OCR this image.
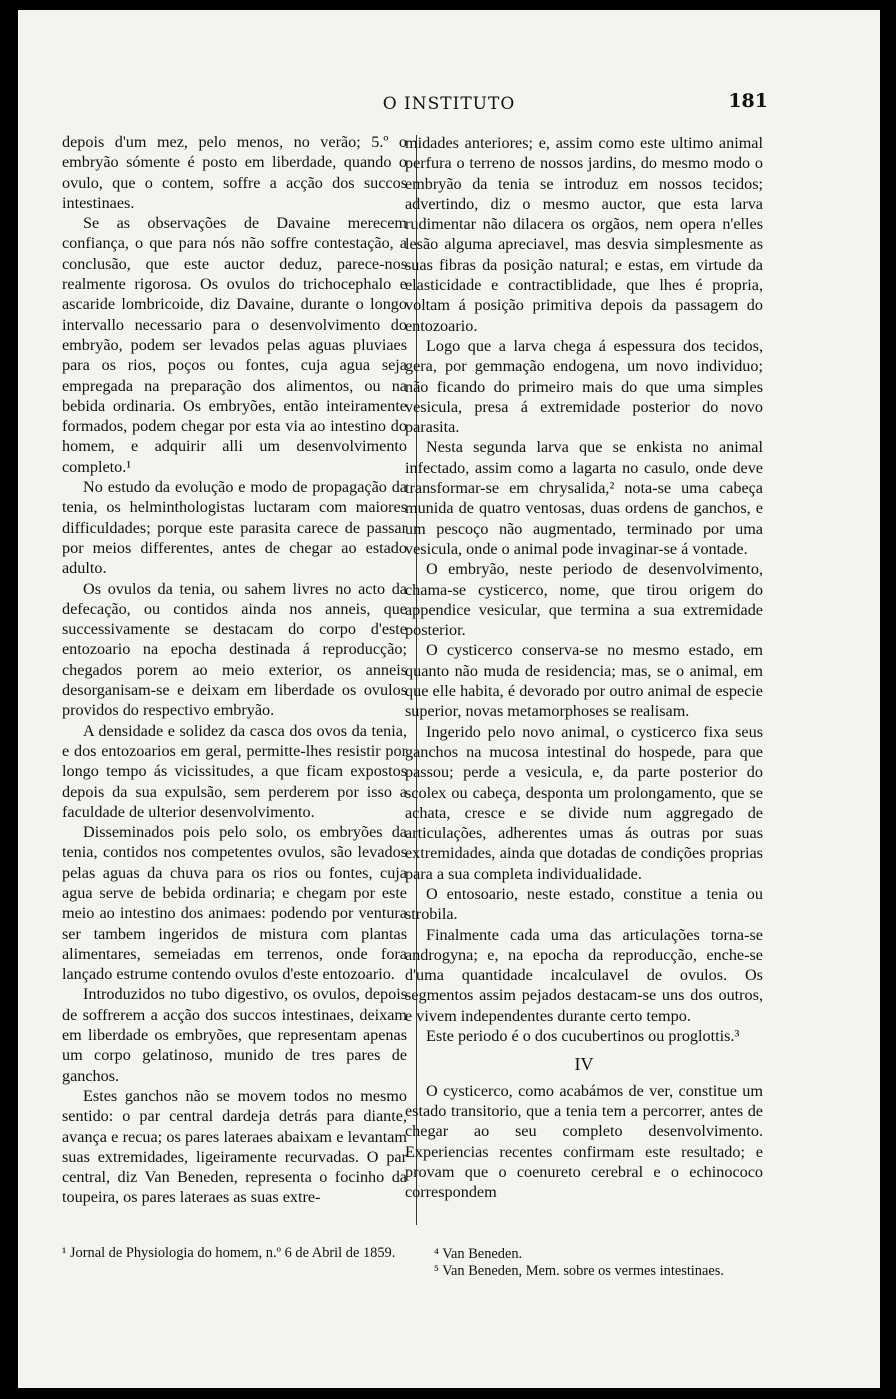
O INSTITUTO	181

depois d'um mez, pelo menos, no verão; 5.º o embryão sómente é posto em liberdade, quando o ovulo, que o contem, soffre a acção dos succos intestinaes.

Se as observações de Davaine merecem confiança, o que para nós não soffre contestação, a conclusão, que este auctor deduz, parece-nos realmente rigorosa. Os ovulos do trichocephalo e ascaride lombricoide, diz Davaine, durante o longo intervallo necessario para o desenvolvimento do embryão, podem ser levados pelas aguas pluviaes para os rios, poços ou fontes, cuja agua seja empregada na preparação dos alimentos, ou na bebida ordinaria. Os embryões, então inteiramente formados, podem chegar por esta via ao intestino do homem, e adquirir alli um desenvolvimento completo.¹

No estudo da evolução e modo de propagação da tenia, os helminthologistas luctaram com maiores difficuldades; porque este parasita carece de passar por meios differentes, antes de chegar ao estado adulto.

Os ovulos da tenia, ou sahem livres no acto da defecação, ou contidos ainda nos anneis, que successivamente se destacam do corpo d'este entozoario na epocha destinada á reproducção; chegados porem ao meio exterior, os anneis desorganisam-se e deixam em liberdade os ovulos providos do respectivo embryão.

A densidade e solidez da casca dos ovos da tenia, e dos entozoarios em geral, permitte-lhes resistir por longo tempo ás vicissitudes, a que ficam expostos depois da sua expulsão, sem perderem por isso a faculdade de ulterior desenvolvimento.

Disseminados pois pelo solo, os embryões da tenia, contidos nos competentes ovulos, são levados pelas aguas da chuva para os rios ou fontes, cuja agua serve de bebida ordinaria; e chegam por este meio ao intestino dos animaes: podendo por ventura ser tambem ingeridos de mistura com plantas alimentares, semeiadas em terrenos, onde fora lançado estrume contendo ovulos d'este entozoario.

Introduzidos no tubo digestivo, os ovulos, depois de soffrerem a acção dos succos intestinaes, deixam em liberdade os embryões, que representam apenas um corpo gelatinoso, munido de tres pares de ganchos.

Estes ganchos não se movem todos no mesmo sentido: o par central dardeja detrás para diante, avança e recua; os pares lateraes abaixam e levantam suas extremidades, ligeiramente recurvadas. O par central, diz Van Beneden, representa o focinho da toupeira, os pares lateraes as suas extre-

midades anteriores; e, assim como este ultimo animal perfura o terreno de nossos jardins, do mesmo modo o embryão da tenia se introduz em nossos tecidos; advertindo, diz o mesmo auctor, que esta larva rudimentar não dilacera os orgãos, nem opera n'elles lesão alguma apreciavel, mas desvia simplesmente as suas fibras da posição natural; e estas, em virtude da elasticidade e contractiblidade, que lhes é propria, voltam á posição primitiva depois da passagem do entozoario.

Logo que a larva chega á espessura dos tecidos, gera, por gemmação endogena, um novo individuo; não ficando do primeiro mais do que uma simples vesicula, presa á extremidade posterior do novo parasita.

Nesta segunda larva que se enkista no animal infectado, assim como a lagarta no casulo, onde deve transformar-se em chrysalida,² nota-se uma cabeça munida de quatro ventosas, duas ordens de ganchos, e um pescoço não augmentado, terminado por uma vesicula, onde o animal pode invaginar-se á vontade.

O embryão, neste periodo de desenvolvimento, chama-se cysticerco, nome, que tirou origem do appendice vesicular, que termina a sua extremidade posterior.

O cysticerco conserva-se no mesmo estado, em quanto não muda de residencia; mas, se o animal, em que elle habita, é devorado por outro animal de especie superior, novas metamorphoses se realisam.

Ingerido pelo novo animal, o cysticerco fixa seus ganchos na mucosa intestinal do hospede, para que passou; perde a vesicula, e, da parte posterior do scolex ou cabeça, desponta um prolongamento, que se achata, cresce e se divide num aggregado de articulações, adherentes umas ás outras por suas extremidades, ainda que dotadas de condições proprias para a sua completa individualidade.

O entosoario, neste estado, constitue a tenia ou strobila.

Finalmente cada uma das articulações torna-se androgyna; e, na epocha da reproducção, enche-se d'uma quantidade incalculavel de ovulos. Os segmentos assim pejados destacam-se uns dos outros, e vivem independentes durante certo tempo.

Este periodo é o dos cucubertinos ou proglottis.³

IV

O cysticerco, como acabámos de ver, constitue um estado transitorio, que a tenia tem a percorrer, antes de chegar ao seu completo desenvolvimento. Experiencias recentes confirmam este resultado; e provam que o coenureto cerebral e o echinococo correspondem

¹ Jornal de Physiologia do homem, n.º 6 de Abril de 1859.	⁴ Van Beneden.
⁵ Van Beneden, Mem. sobre os vermes intestinaes.
